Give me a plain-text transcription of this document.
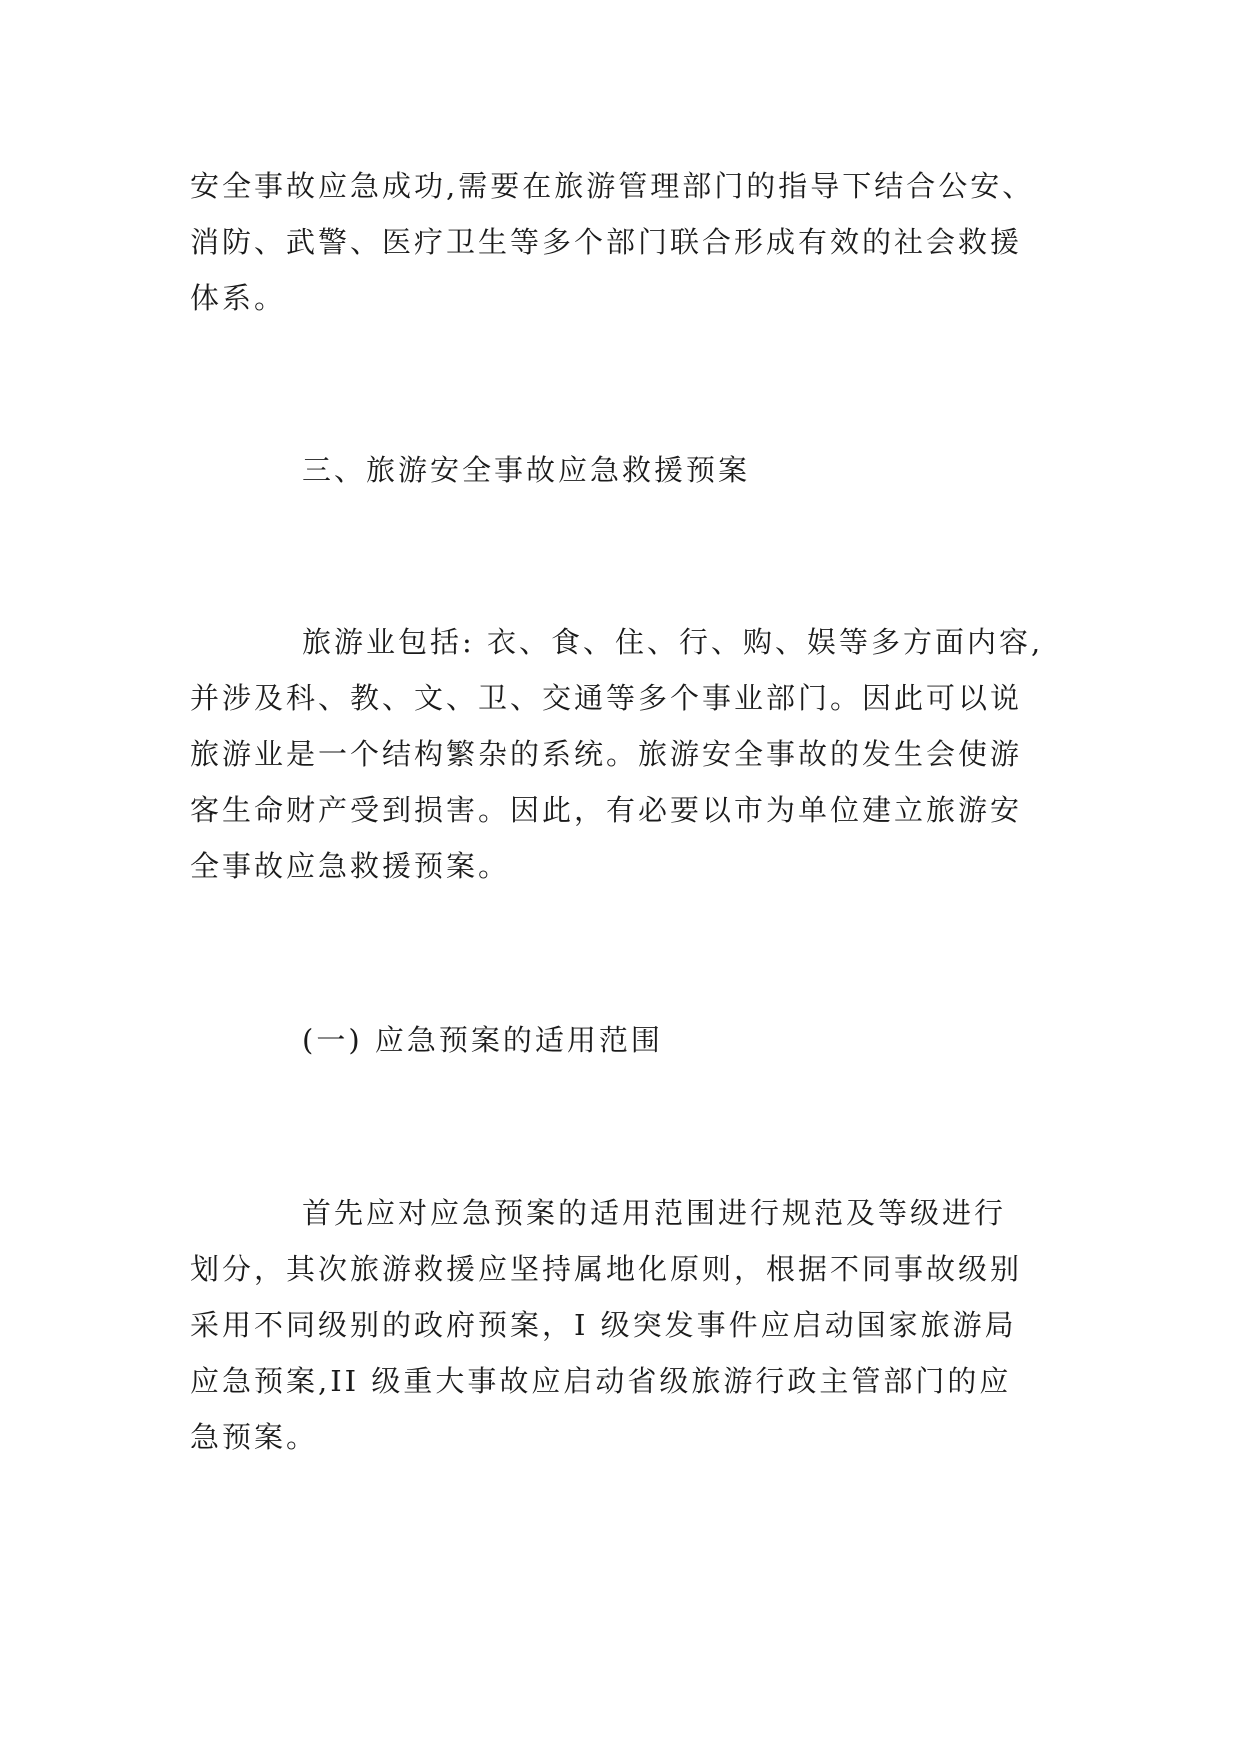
安全事故应急成功,需要在旅游管理部门的指导下结合公安、
消防、武警、医疗卫生等多个部门联合形成有效的社会救援
体系。
三、旅游安全事故应急救援预案
旅游业包括: 衣、食、住、行、购、娱等多方面内容,
并涉及科、教、文、卫、交通等多个事业部门。因此可以说
旅游业是一个结构繁杂的系统。旅游安全事故的发生会使游
客生命财产受到损害。因此，有必要以市为单位建立旅游安
全事故应急救援预案。
(一) 应急预案的适用范围
首先应对应急预案的适用范围进行规范及等级进行
划分，其次旅游救援应坚持属地化原则，根据不同事故级别
采用不同级别的政府预案，I 级突发事件应启动国家旅游局
应急预案,II 级重大事故应启动省级旅游行政主管部门的应
急预案。
